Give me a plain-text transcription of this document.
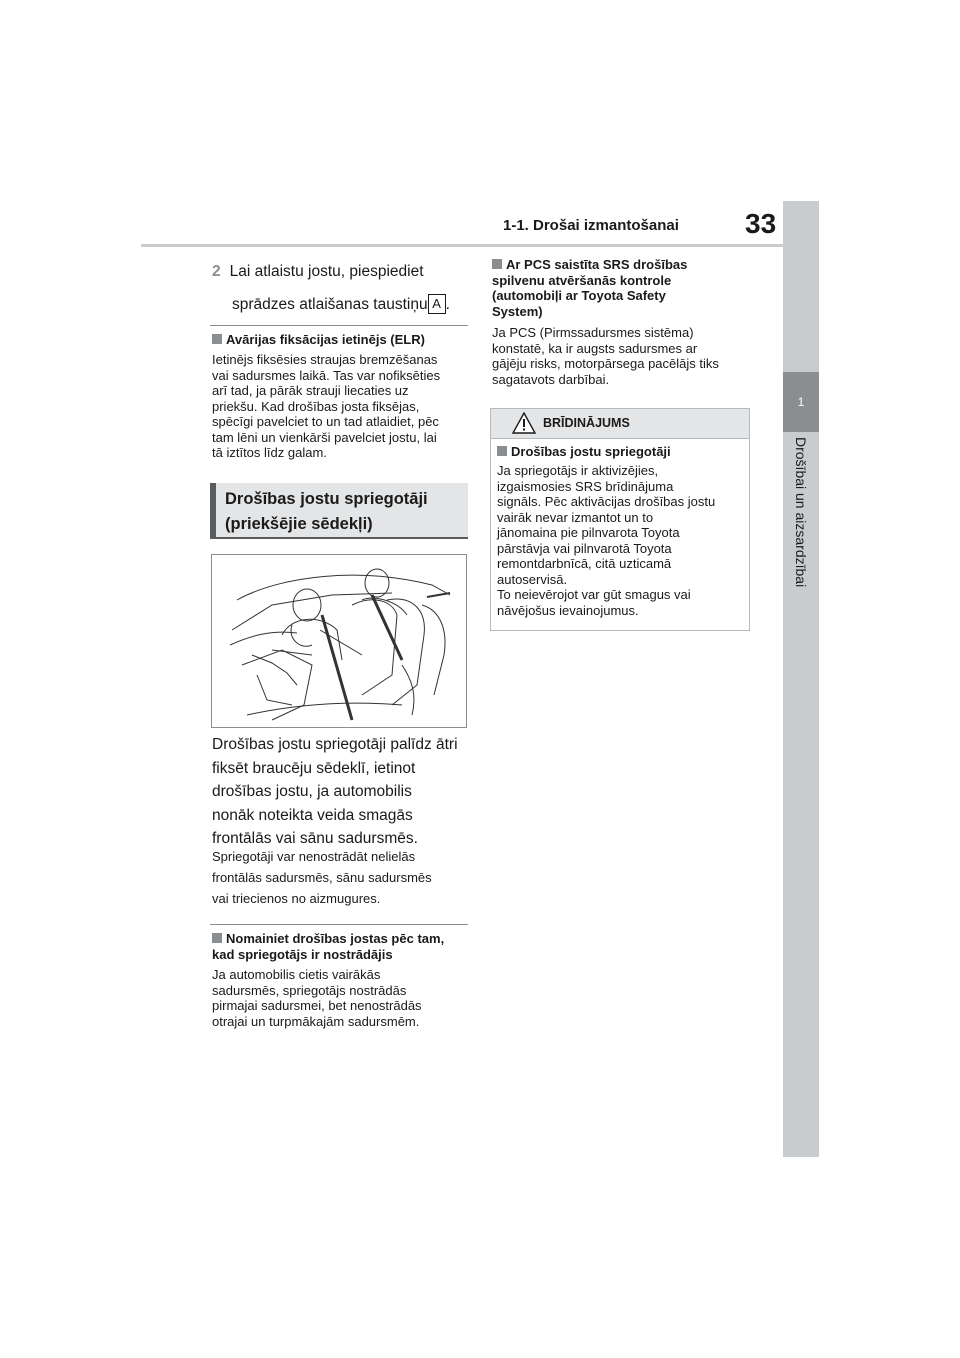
1-1. Drošai izmantošanai 33
1
Drošībai un aizsardzībai
2 Lai atlaistu jostu, piespiediet
sprādzes atlaišanas taustiņu A .
Avārijas fiksācijas ietinējs (ELR)
Ietinējs fiksēsies straujas bremzēšanas
vai sadursmes laikā. Tas var nofiksēties
arī tad, ja pārāk strauji liecaties uz
priekšu. Kad drošības josta fiksējas,
spēcīgi pavelciet to un tad atlaidiet, pēc
tam lēni un vienkārši pavelciet jostu, lai
tā iztītos līdz galam.
Drošības jostu spriegotāji
(priekšējie sēdekļi)
Drošības jostu spriegotāji palīdz ātri
fiksēt braucēju sēdeklī, ietinot
drošības jostu, ja automobilis
nonāk noteikta veida smagās
frontālās vai sānu sadursmēs.
Spriegotāji var nenostrādāt nelielās
frontālās sadursmēs, sānu sadursmēs
vai triecienos no aizmugures.
Nomainiet drošības jostas pēc tam,
kad spriegotājs ir nostrādājis
Ja automobilis cietis vairākās
sadursmēs, spriegotājs nostrādās
pirmajai sadursmei, bet nenostrādās
otrajai un turpmākajām sadursmēm.
Ar PCS saistīta SRS drošības
spilvenu atvēršanās kontrole
(automobiļi ar Toyota Safety
System)
Ja PCS (Pirmssadursmes sistēma)
konstatē, ka ir augsts sadursmes ar
gājēju risks, motorpārsega pacēlājs tiks
sagatavots darbībai.
BRĪDINĀJUMS
Drošības jostu spriegotāji
Ja spriegotājs ir aktivizējies,
izgaismosies SRS brīdinājuma
signāls. Pēc aktivācijas drošības jostu
vairāk nevar izmantot un to
jānomaina pie pilnvarota Toyota
pārstāvja vai pilnvarotā Toyota
remontdarbnīcā, citā uzticamā
autoservisā.
To neievērojot var gūt smagus vai
nāvējošus ievainojumus.
